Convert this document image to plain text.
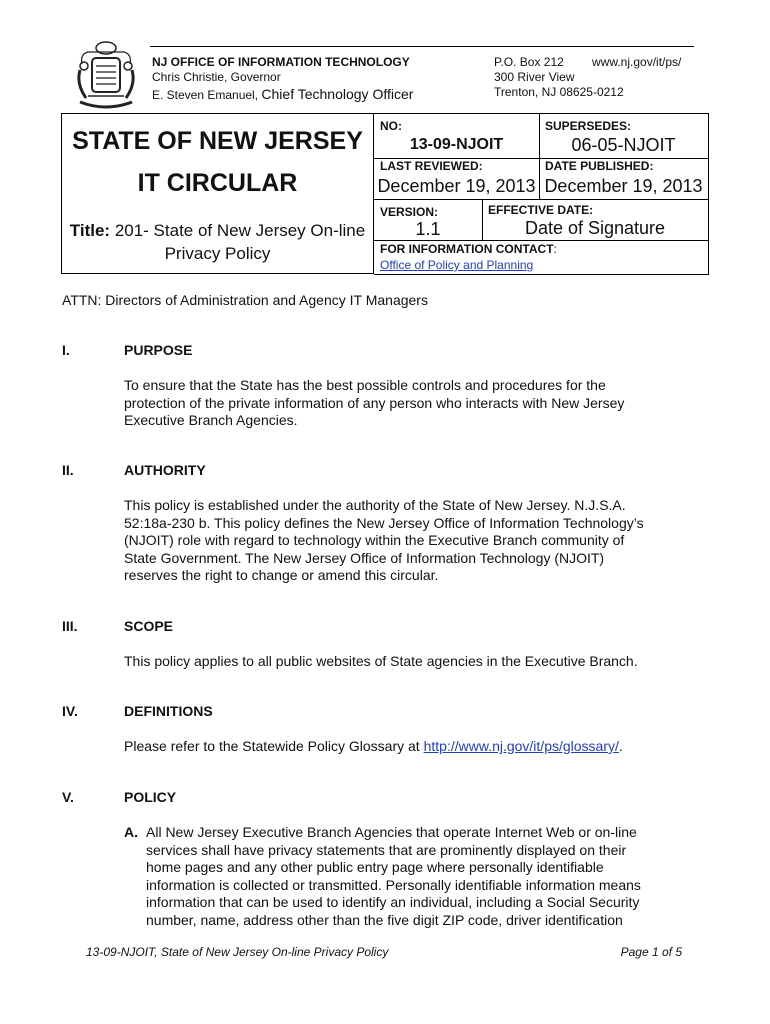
NJ OFFICE OF INFORMATION TECHNOLOGY
Chris Christie, Governor
E. Steven Emanuel, Chief Technology Officer
P.O. Box 212 www.nj.gov/it/ps/
300 River View
Trenton, NJ 08625-0212
STATE OF NEW JERSEY
IT CIRCULAR
Title: 201- State of New Jersey On-line
Privacy Policy
NO:
13-09-NJOIT
SUPERSEDES:
06-05-NJOIT
LAST REVIEWED:
December 19, 2013
DATE PUBLISHED:
December 19, 2013
VERSION:
1.1
EFFECTIVE DATE:
Date of Signature
FOR INFORMATION CONTACT:
Office of Policy and Planning
ATTN: Directors of Administration and Agency IT Managers
I.	PURPOSE
To ensure that the State has the best possible controls and procedures for the
protection of the private information of any person who interacts with New Jersey
Executive Branch Agencies.
II.	AUTHORITY
This policy is established under the authority of the State of New Jersey. N.J.S.A.
52:18a-230 b. This policy defines the New Jersey Office of Information Technology’s
(NJOIT) role with regard to technology within the Executive Branch community of
State Government. The New Jersey Office of Information Technology (NJOIT)
reserves the right to change or amend this circular.
III.	SCOPE
This policy applies to all public websites of State agencies in the Executive Branch.
IV.	DEFINITIONS
Please refer to the Statewide Policy Glossary at http://www.nj.gov/it/ps/glossary/.
V.	POLICY
A. All New Jersey Executive Branch Agencies that operate Internet Web or on-line
services shall have privacy statements that are prominently displayed on their
home pages and any other public entry page where personally identifiable
information is collected or transmitted. Personally identifiable information means
information that can be used to identify an individual, including a Social Security
number, name, address other than the five digit ZIP code, driver identification
13-09-NJOIT, State of New Jersey On-line Privacy Policy	Page 1 of 5
